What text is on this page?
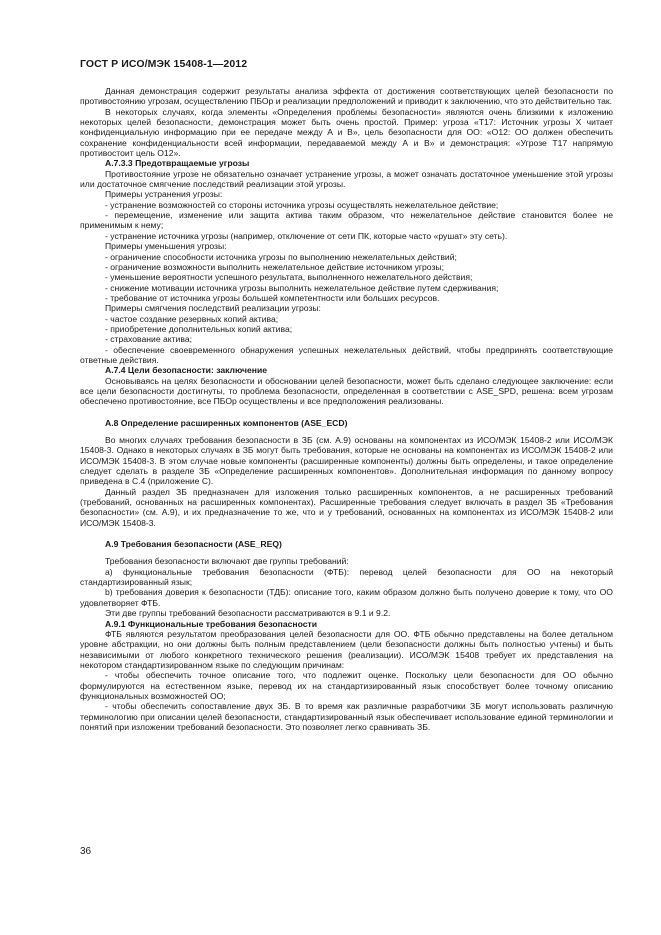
ГОСТ Р ИСО/МЭК 15408-1—2012

Данная демонстрация содержит результаты анализа эффекта от достижения соответствующих целей безопасности по противостоянию угрозам, осуществлению ПБОр и реализации предположений и приводит к заключению, что это действительно так.

В некоторых случаях, когда элементы «Определения проблемы безопасности» являются очень близкими к изложению некоторых целей безопасности, демонстрация может быть очень простой. Пример: угроза «Т17: Источник угрозы X читает конфиденциальную информацию при ее передаче между А и В», цель безопасности для ОО: «О12: ОО должен обеспечить сохранение конфиденциальности всей информации, передаваемой между А и В» и демонстрация: «Угрозе Т17 напрямую противостоит цель О12».

А.7.3.3 Предотвращаемые угрозы

Противостояние угрозе не обязательно означает устранение угрозы, а может означать достаточное уменьшение этой угрозы или достаточное смягчение последствий реализации этой угрозы.

Примеры устранения угрозы:

- устранение возможностей со стороны источника угрозы осуществлять нежелательное действие;

- перемещение, изменение или защита актива таким образом, что нежелательное действие становится более не применимым к нему;

- устранение источника угрозы (например, отключение от сети ПК, которые часто «рушат» эту сеть).

Примеры уменьшения угрозы:

- ограничение способности источника угрозы по выполнению нежелательных действий;

- ограничение возможности выполнить нежелательное действие источником угрозы;

- уменьшение вероятности успешного результата, выполненного нежелательного действия;

- снижение мотивации источника угрозы выполнить нежелательное действие путем сдерживания;

- требование от источника угрозы большей компетентности или больших ресурсов.

Примеры смягчения последствий реализации угрозы:

- частое создание резервных копий актива;

- приобретение дополнительных копий актива;

- страхование актива;

- обеспечение своевременного обнаружения успешных нежелательных действий, чтобы предпринять соответствующие ответные действия.

А.7.4 Цели безопасности: заключение

Основываясь на целях безопасности и обосновании целей безопасности, может быть сделано следующее заключение: если все цели безопасности достигнуты, то проблема безопасности, определенная в соответствии с ASE_SPD, решена: всем угрозам обеспечено противостояние, все ПБОр осуществлены и все предположения реализованы.

А.8 Определение расширенных компонентов (ASE_ECD)

Во многих случаях требования безопасности в ЗБ (см. А.9) основаны на компонентах из ИСО/МЭК 15408-2 или ИСО/МЭК 15408-3. Однако в некоторых случаях в ЗБ могут быть требования, которые не основаны на компонентах из ИСО/МЭК 15408-2 или ИСО/МЭК 15408-3. В этом случае новые компоненты (расширенные компоненты) должны быть определены, и такое определение следует сделать в разделе ЗБ «Определение расширенных компонентов». Дополнительная информация по данному вопросу приведена в С.4 (приложение С).

Данный раздел ЗБ предназначен для изложения только расширенных компонентов, а не расширенных требований (требований, основанных на расширенных компонентах). Расширенные требования следует включать в раздел ЗБ «Требования безопасности» (см. А.9), и их предназначение то же, что и у требований, основанных на компонентах из ИСО/МЭК 15408-2 или ИСО/МЭК 15408-3.

А.9 Требования безопасности (ASE_REQ)

Требования безопасности включают две группы требований:

а) функциональные требования безопасности (ФТБ): перевод целей безопасности для ОО на некоторый стандартизированный язык;

b) требования доверия к безопасности (ТДБ): описание того, каким образом должно быть получено доверие к тому, что ОО удовлетворяет ФТБ.

Эти две группы требований безопасности рассматриваются в 9.1 и 9.2.

А.9.1 Функциональные требования безопасности

ФТБ являются результатом преобразования целей безопасности для ОО. ФТБ обычно представлены на более детальном уровне абстракции, но они должны быть полным представлением (цели безопасности должны быть полностью учтены) и быть независимыми от любого конкретного технического решения (реализации). ИСО/МЭК 15408 требует их представления на некотором стандартизированном языке по следующим причинам:

- чтобы обеспечить точное описание того, что подлежит оценке. Поскольку цели безопасности для ОО обычно формулируются на естественном языке, перевод их на стандартизированный язык способствует более точному описанию функциональных возможностей ОО;

- чтобы обеспечить сопоставление двух ЗБ. В то время как различные разработчики ЗБ могут использовать различную терминологию при описании целей безопасности, стандартизированный язык обеспечивает использование единой терминологии и понятий при изложении требований безопасности. Это позволяет легко сравнивать ЗБ.

36
